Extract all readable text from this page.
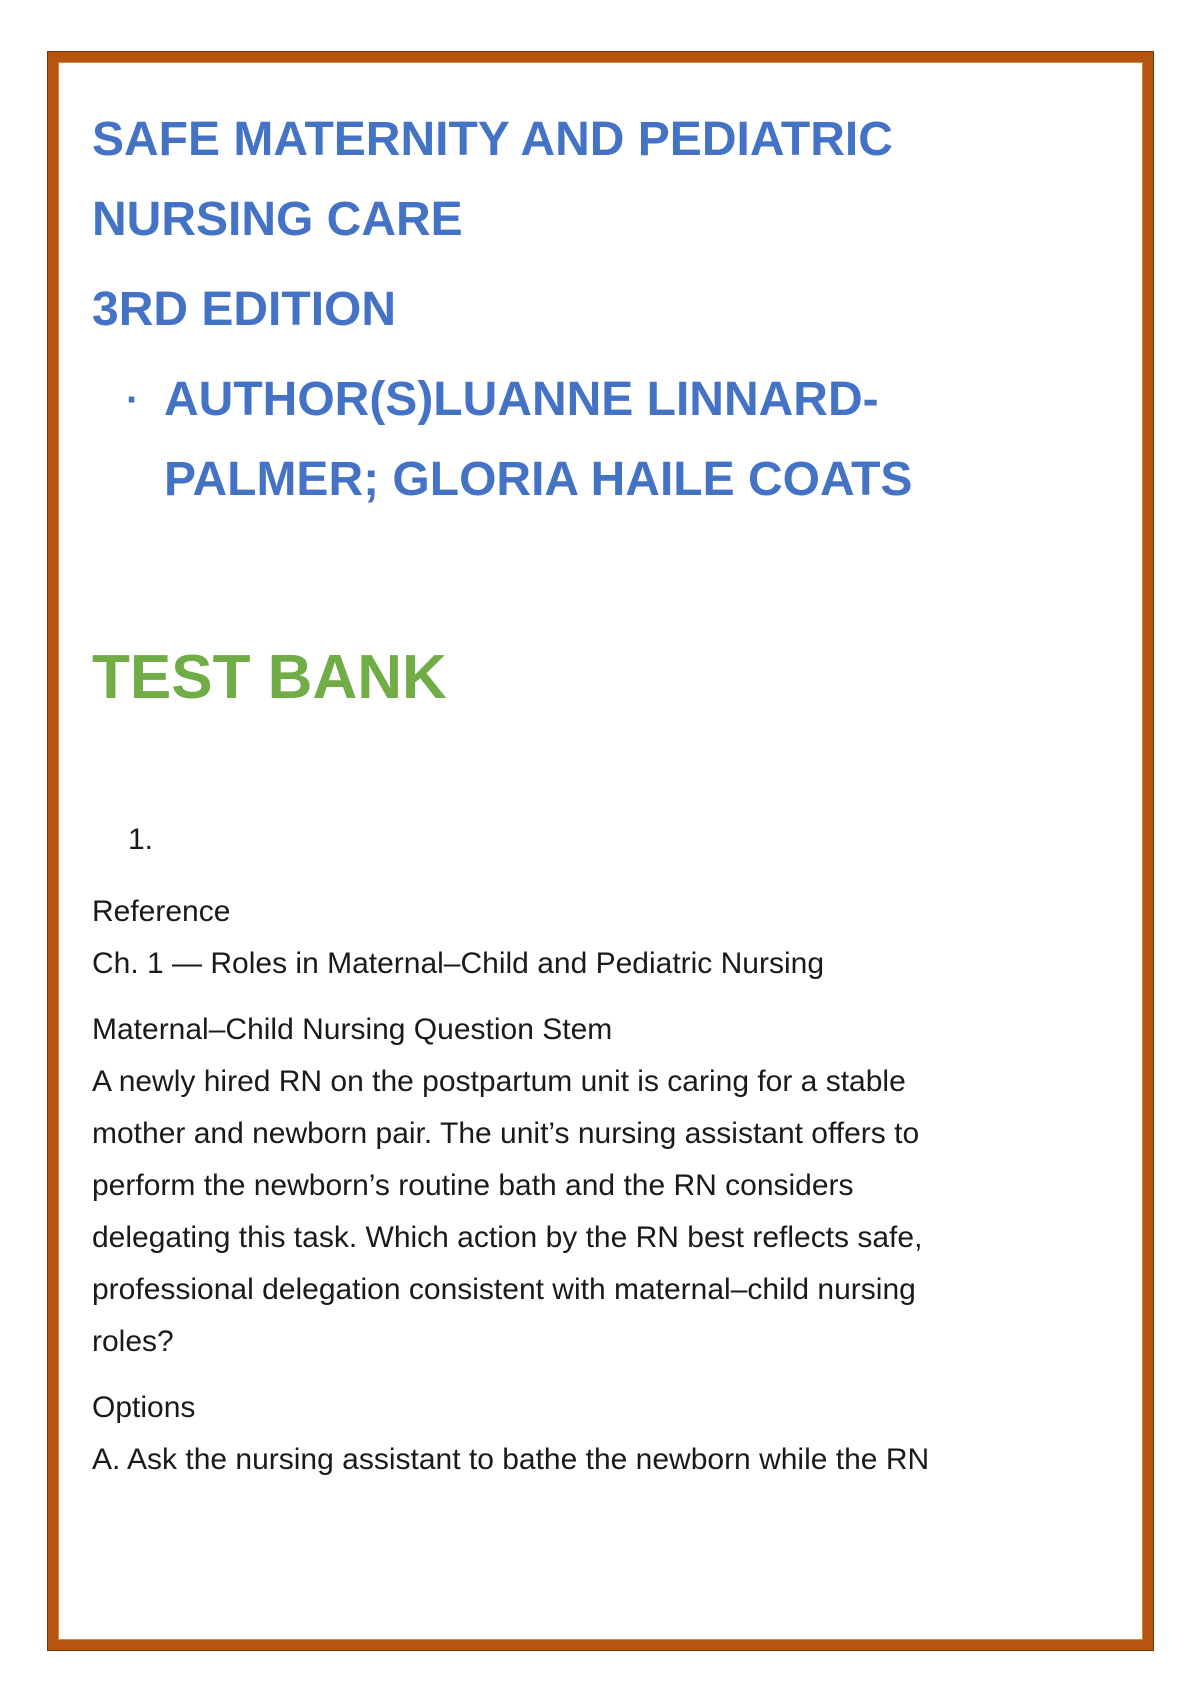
SAFE MATERNITY AND PEDIATRIC
NURSING CARE
3RD EDITION
· AUTHOR(S)LUANNE LINNARD-
PALMER; GLORIA HAILE COATS
TEST BANK
1.
Reference
Ch. 1 — Roles in Maternal–Child and Pediatric Nursing
Maternal–Child Nursing Question Stem
A newly hired RN on the postpartum unit is caring for a stable
mother and newborn pair. The unit’s nursing assistant offers to
perform the newborn’s routine bath and the RN considers
delegating this task. Which action by the RN best reflects safe,
professional delegation consistent with maternal–child nursing
roles?
Options
A. Ask the nursing assistant to bathe the newborn while the RN
